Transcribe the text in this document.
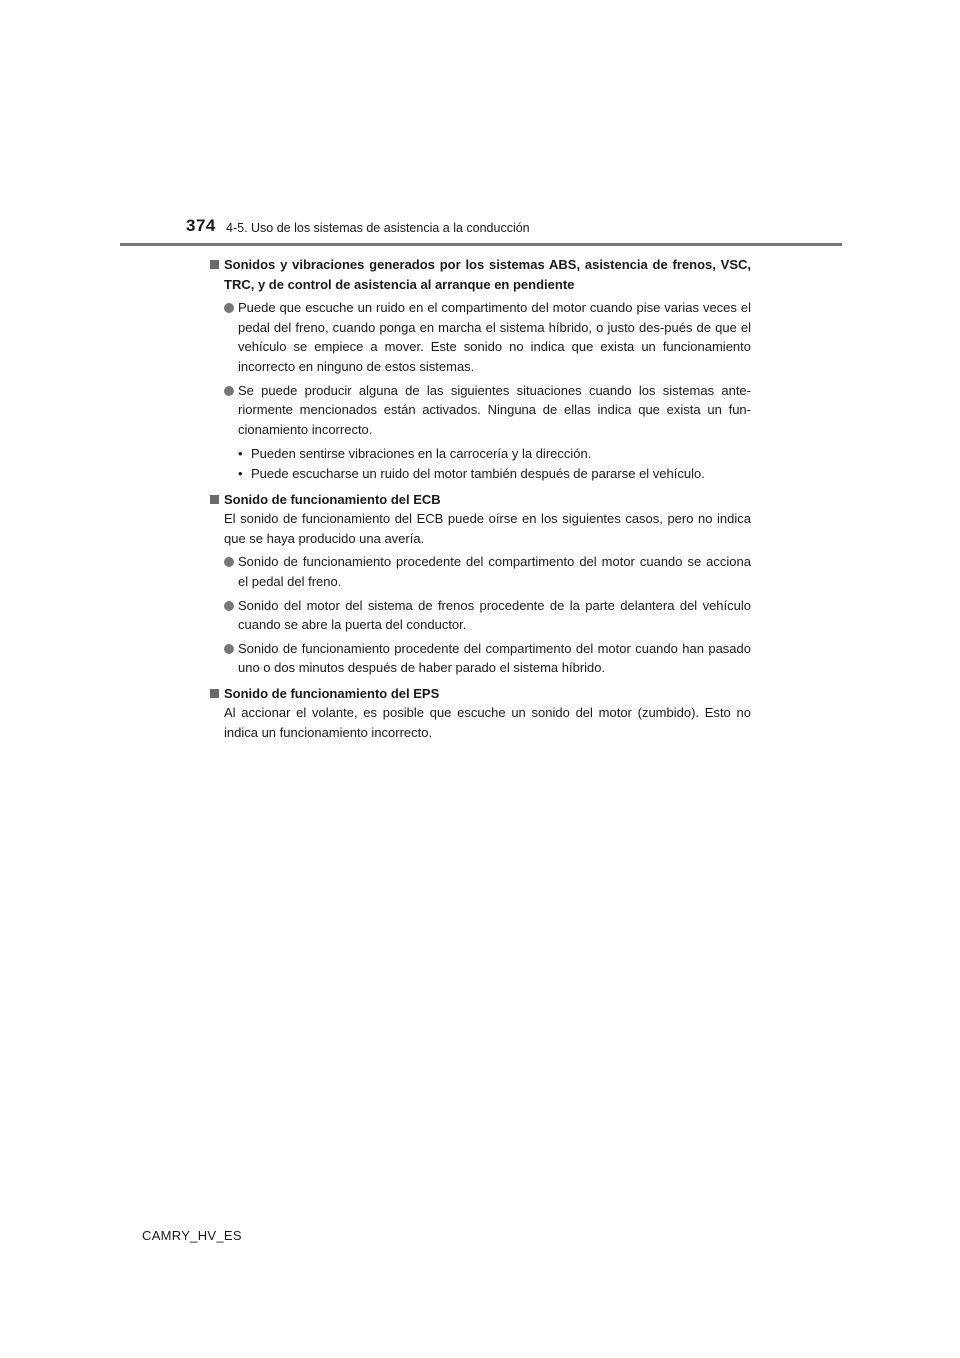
374 4-5. Uso de los sistemas de asistencia a la conducción
Sonidos y vibraciones generados por los sistemas ABS, asistencia de frenos, VSC, TRC, y de control de asistencia al arranque en pendiente
Puede que escuche un ruido en el compartimento del motor cuando pise varias veces el pedal del freno, cuando ponga en marcha el sistema híbrido, o justo des-pués de que el vehículo se empiece a mover. Este sonido no indica que exista un funcionamiento incorrecto en ninguno de estos sistemas.
Se puede producir alguna de las siguientes situaciones cuando los sistemas ante-riormente mencionados están activados. Ninguna de ellas indica que exista un fun-cionamiento incorrecto.
• Pueden sentirse vibraciones en la carrocería y la dirección.
• Puede escucharse un ruido del motor también después de pararse el vehículo.
Sonido de funcionamiento del ECB
El sonido de funcionamiento del ECB puede oírse en los siguientes casos, pero no indica que se haya producido una avería.
Sonido de funcionamiento procedente del compartimento del motor cuando se acciona el pedal del freno.
Sonido del motor del sistema de frenos procedente de la parte delantera del vehículo cuando se abre la puerta del conductor.
Sonido de funcionamiento procedente del compartimento del motor cuando han pasado uno o dos minutos después de haber parado el sistema híbrido.
Sonido de funcionamiento del EPS
Al accionar el volante, es posible que escuche un sonido del motor (zumbido). Esto no indica un funcionamiento incorrecto.
CAMRY_HV_ES
